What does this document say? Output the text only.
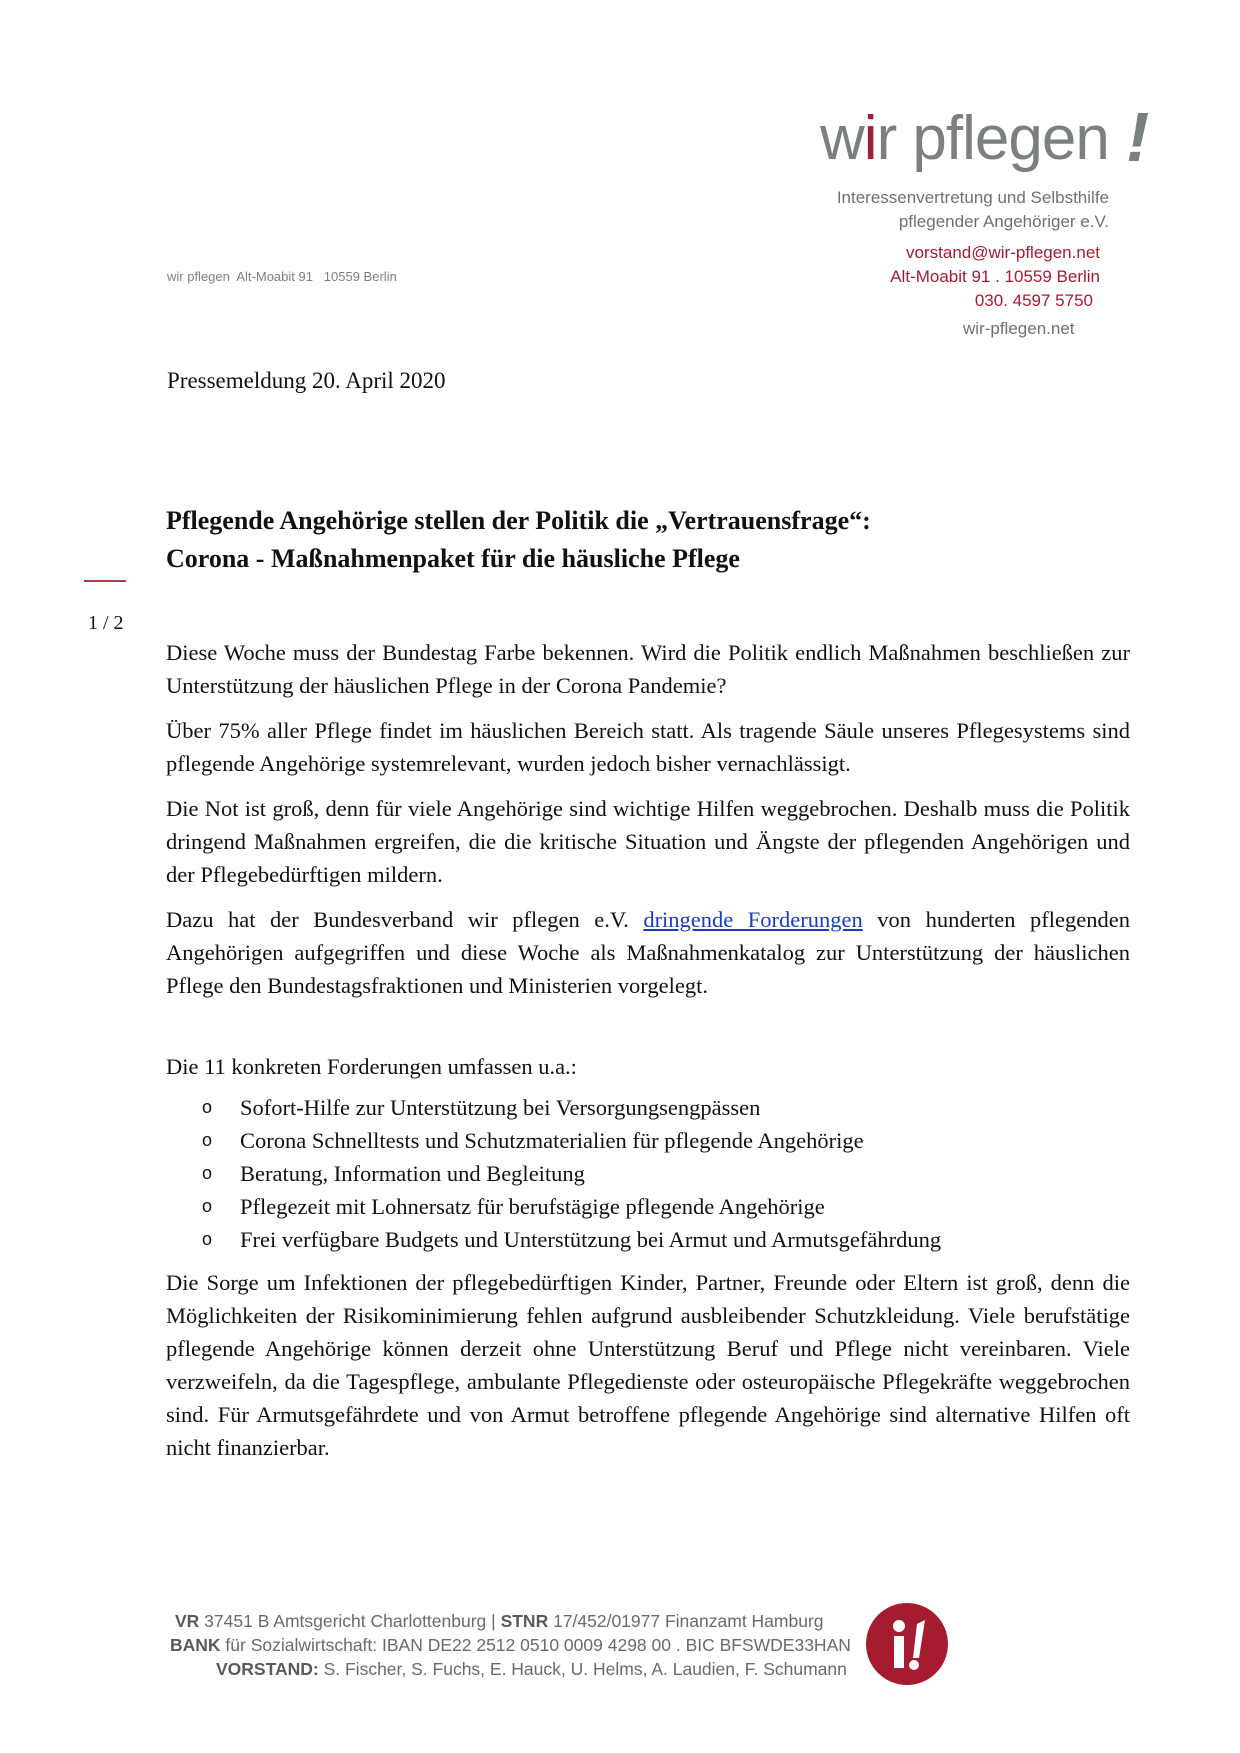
wir pflegen !
Interessenvertretung und Selbsthilfe
pflegender Angehöriger e.V.
vorstand@wir-pflegen.net
Alt-Moabit 91 . 10559 Berlin
030. 4597 5750
wir-pflegen.net
wir pflegen  Alt-Moabit 91   10559 Berlin
Pressemeldung 20. April 2020
Pflegende Angehörige stellen der Politik die „Vertrauensfrage“:
Corona - Maßnahmenpaket für die häusliche Pflege
1 / 2

Diese Woche muss der Bundestag Farbe bekennen. Wird die Politik endlich Maßnahmen beschließen zur Unterstützung der häuslichen Pflege in der Corona Pandemie?

Über 75% aller Pflege findet im häuslichen Bereich statt. Als tragende Säule unseres Pflegesystems sind pflegende Angehörige systemrelevant, wurden jedoch bisher vernachlässigt.

Die Not ist groß, denn für viele Angehörige sind wichtige Hilfen weggebrochen. Deshalb muss die Politik dringend Maßnahmen ergreifen, die die kritische Situation und Ängste der pflegenden Angehörigen und der Pflegebedürftigen mildern.

Dazu hat der Bundesverband wir pflegen e.V. dringende Forderungen von hunderten pflegenden Angehörigen aufgegriffen und diese Woche als Maßnahmenkatalog zur Unterstützung der häuslichen Pflege den Bundestagsfraktionen und Ministerien vorgelegt.

Die 11 konkreten Forderungen umfassen u.a.:

o Sofort-Hilfe zur Unterstützung bei Versorgungsengpässen
o Corona Schnelltests und Schutzmaterialien für pflegende Angehörige
o Beratung, Information und Begleitung
o Pflegezeit mit Lohnersatz für berufstägige pflegende Angehörige
o Frei verfügbare Budgets und Unterstützung bei Armut und Armutsgefährdung

Die Sorge um Infektionen der pflegebedürftigen Kinder, Partner, Freunde oder Eltern ist groß, denn die Möglichkeiten der Risikominimierung fehlen aufgrund ausbleibender Schutzkleidung. Viele berufstätige pflegende Angehörige können derzeit ohne Unterstützung Beruf und Pflege nicht vereinbaren. Viele verzweifeln, da die Tagespflege, ambulante Pflegedienste oder osteuropäische Pflegekräfte weggebrochen sind. Für Armutsgefährdete und von Armut betroffene pflegende Angehörige sind alternative Hilfen oft nicht finanzierbar.

VR 37451 B Amtsgericht Charlottenburg | STNR 17/452/01977 Finanzamt Hamburg
BANK für Sozialwirtschaft: IBAN DE22 2512 0510 0009 4298 00 . BIC BFSWDE33HAN
VORSTAND: S. Fischer, S. Fuchs, E. Hauck, U. Helms, A. Laudien, F. Schumann
